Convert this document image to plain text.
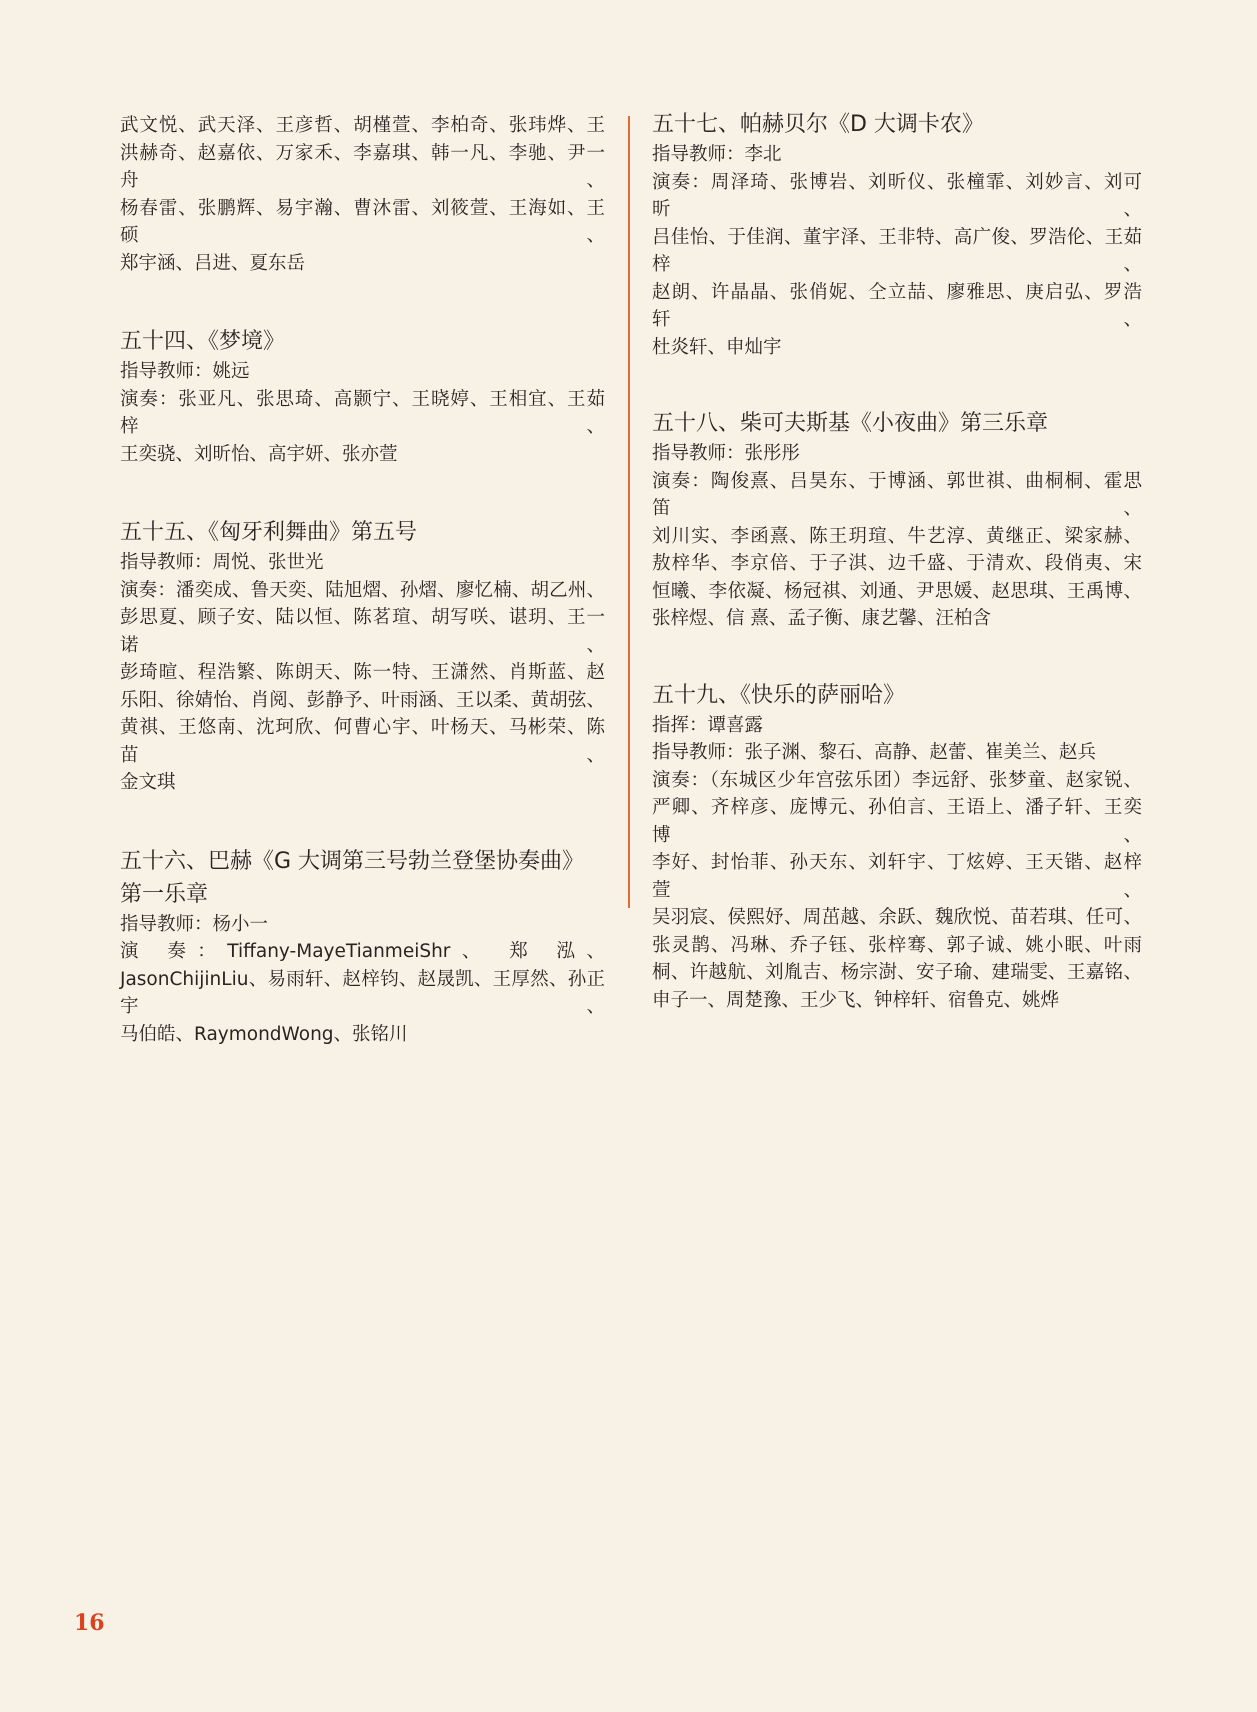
武文悦、武天泽、王彦哲、胡槿萱、李柏奇、张玮烨、王

洪赫奇、赵嘉依、万家禾、李嘉琪、韩一凡、李驰、尹一舟、

杨春雷、张鹏辉、易宇瀚、曹沐雷、刘筱萱、王海如、王硕、

郑宇涵、吕进、夏东岳

五十四、《梦境》

指导教师：姚远

演奏：张亚凡、张思琦、高颢宁、王晓婷、王相宜、王茹梓、

王奕骁、刘昕怡、高宇妍、张亦萱

五十五、《匈牙利舞曲》第五号

指导教师：周悦、张世光

演奏：潘奕成、鲁天奕、陆旭熠、孙熠、廖忆楠、胡乙州、

彭思夏、顾子安、陆以恒、陈茗瑄、胡写咲、谌玥、王一诺、

彭琦暄、程浩繁、陈朗天、陈一特、王潇然、肖斯蓝、赵

乐阳、徐婧怡、肖阅、彭静予、叶雨涵、王以柔、黄胡弦、

黄祺、王悠南、沈珂欣、何曹心宇、叶杨天、马彬荣、陈苗、

金文琪

五十六、巴赫《G 大调第三号勃兰登堡协奏曲》第一乐章

指导教师：杨小一

演 奏：Tiffany-MayeTianmeiShr、 郑 泓、

JasonChijinLiu、易雨轩、赵梓钧、赵晟凯、王厚然、孙正宇、

马伯皓、RaymondWong、张铭川

五十七、帕赫贝尔《D 大调卡农》

指导教师：李北

演奏：周泽琦、张博岩、刘昕仪、张橦霏、刘妙言、刘可昕、

吕佳怡、于佳润、董宇泽、王非特、高广俊、罗浩伦、王茹梓、

赵朗、许晶晶、张俏妮、仝立喆、廖雅思、庚启弘、罗浩轩、

杜炎轩、申灿宇

五十八、柴可夫斯基《小夜曲》第三乐章

指导教师：张彤彤

演奏：陶俊熹、吕昊东、于博涵、郭世祺、曲桐桐、霍思笛、

刘川实、李函熹、陈王玥瑄、牛艺淳、黄继正、梁家赫、

敖梓华、李京倍、于子淇、边千盛、于清欢、段俏夷、宋

恒曦、李依凝、杨冠祺、刘通、尹思媛、赵思琪、王禹博、

张梓煜、信 熹、孟子衡、康艺馨、汪柏含

五十九、《快乐的萨丽哈》

指挥：谭喜露

指导教师：张子渊、黎石、高静、赵蕾、崔美兰、赵兵

演奏：（东城区少年宫弦乐团）李远舒、张梦童、赵家锐、

严卿、齐梓彦、庞博元、孙伯言、王语上、潘子轩、王奕博、

李好、封怡菲、孙天东、刘轩宇、丁炫婷、王天锴、赵梓萱、

吴羽宸、侯熙妤、周茁越、余跃、魏欣悦、苗若琪、任可、

张灵鹊、冯琳、乔子钰、张梓骞、郭子诚、姚小眠、叶雨

桐、许越航、刘胤吉、杨宗澍、安子瑜、建瑞雯、王嘉铭、

申子一、周楚豫、王少飞、钟梓轩、宿鲁克、姚烨

16
